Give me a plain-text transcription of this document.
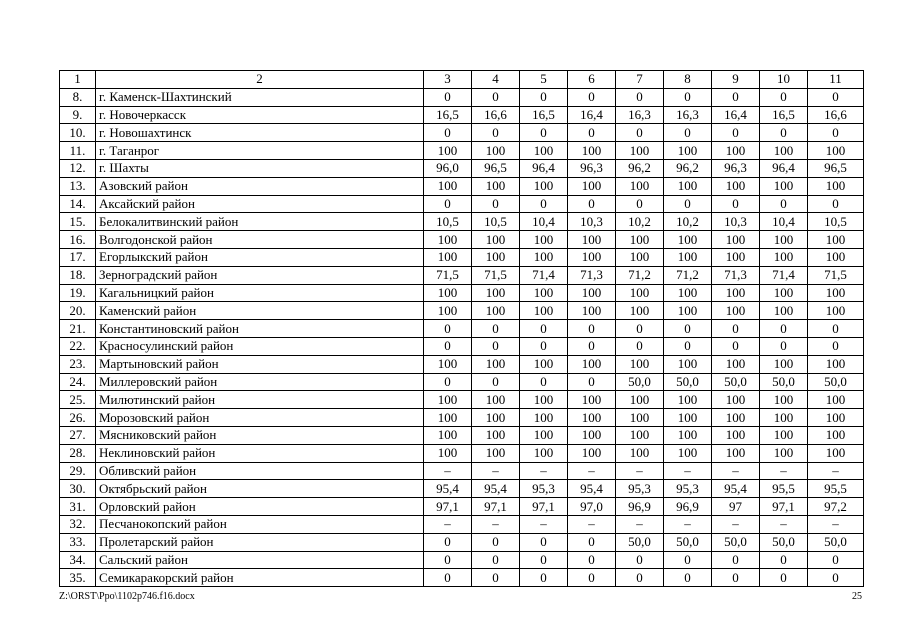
1	2	3	4	5	6	7	8	9	10	11
8.	г. Каменск-Шахтинский	0	0	0	0	0	0	0	0	0
9.	г. Новочеркасск	16,5	16,6	16,5	16,4	16,3	16,3	16,4	16,5	16,6
10.	г. Новошахтинск	0	0	0	0	0	0	0	0	0
11.	г. Таганрог	100	100	100	100	100	100	100	100	100
12.	г. Шахты	96,0	96,5	96,4	96,3	96,2	96,2	96,3	96,4	96,5
13.	Азовский район	100	100	100	100	100	100	100	100	100
14.	Аксайский район	0	0	0	0	0	0	0	0	0
15.	Белокалитвинский район	10,5	10,5	10,4	10,3	10,2	10,2	10,3	10,4	10,5
16.	Волгодонской район	100	100	100	100	100	100	100	100	100
17.	Егорлыкский район	100	100	100	100	100	100	100	100	100
18.	Зерноградский район	71,5	71,5	71,4	71,3	71,2	71,2	71,3	71,4	71,5
19.	Кагальницкий район	100	100	100	100	100	100	100	100	100
20.	Каменский район	100	100	100	100	100	100	100	100	100
21.	Константиновский район	0	0	0	0	0	0	0	0	0
22.	Красносулинский район	0	0	0	0	0	0	0	0	0
23.	Мартыновский район	100	100	100	100	100	100	100	100	100
24.	Миллеровский район	0	0	0	0	50,0	50,0	50,0	50,0	50,0
25.	Милютинский район	100	100	100	100	100	100	100	100	100
26.	Морозовский район	100	100	100	100	100	100	100	100	100
27.	Мясниковский район	100	100	100	100	100	100	100	100	100
28.	Неклиновский район	100	100	100	100	100	100	100	100	100
29.	Обливский район	–	–	–	–	–	–	–	–	–
30.	Октябрьский район	95,4	95,4	95,3	95,4	95,3	95,3	95,4	95,5	95,5
31.	Орловский район	97,1	97,1	97,1	97,0	96,9	96,9	97	97,1	97,2
32.	Песчанокопский район	–	–	–	–	–	–	–	–	–
33.	Пролетарский район	0	0	0	0	50,0	50,0	50,0	50,0	50,0
34.	Сальский район	0	0	0	0	0	0	0	0	0
35.	Семикаракорский район	0	0	0	0	0	0	0	0	0
Z:\ORST\Ppo\1102p746.f16.docx	25
